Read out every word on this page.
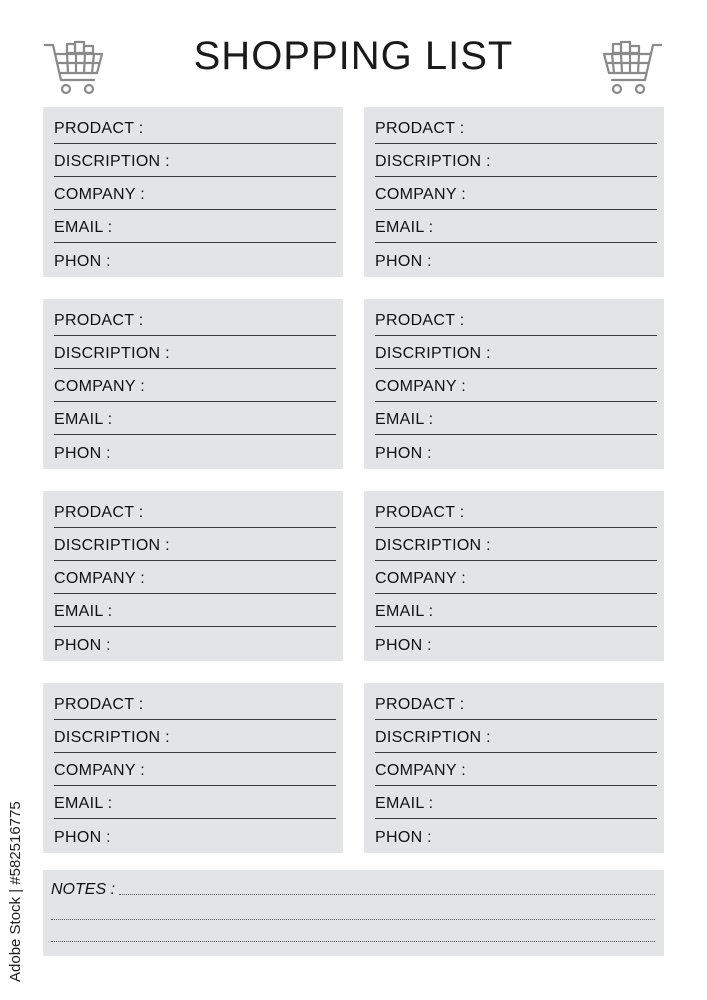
SHOPPING LIST
PRODACT :
DISCRIPTION :
COMPANY :
EMAIL :
PHON :
PRODACT :
DISCRIPTION :
COMPANY :
EMAIL :
PHON :
PRODACT :
DISCRIPTION :
COMPANY :
EMAIL :
PHON :
PRODACT :
DISCRIPTION :
COMPANY :
EMAIL :
PHON :
PRODACT :
DISCRIPTION :
COMPANY :
EMAIL :
PHON :
PRODACT :
DISCRIPTION :
COMPANY :
EMAIL :
PHON :
PRODACT :
DISCRIPTION :
COMPANY :
EMAIL :
PHON :
PRODACT :
DISCRIPTION :
COMPANY :
EMAIL :
PHON :
NOTES :
Adobe Stock | #582516775
